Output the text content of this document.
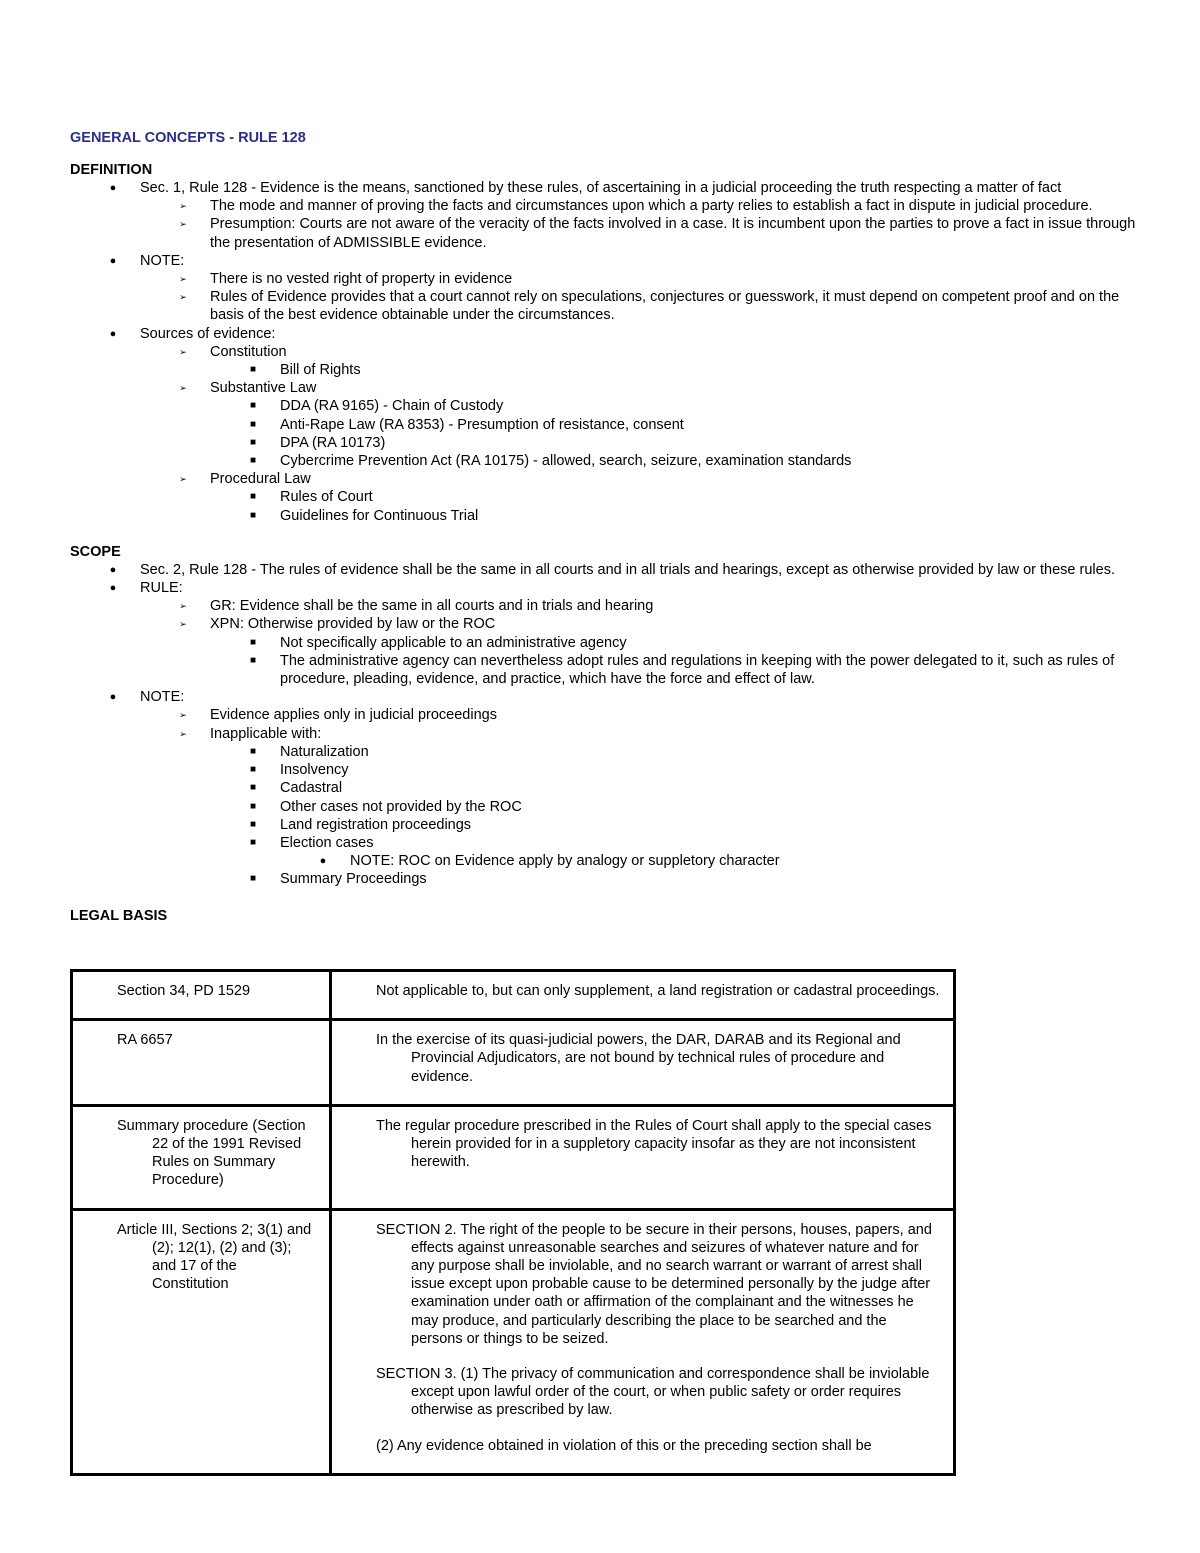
GENERAL CONCEPTS - RULE 128

DEFINITION

● Sec. 1, Rule 128 - Evidence is the means, sanctioned by these rules, of ascertaining in a judicial proceeding the truth respecting a matter of fact
➢ The mode and manner of proving the facts and circumstances upon which a party relies to establish a fact in dispute in judicial procedure.
➢ Presumption: Courts are not aware of the veracity of the facts involved in a case. It is incumbent upon the parties to prove a fact in issue through the presentation of ADMISSIBLE evidence.
● NOTE:
➢ There is no vested right of property in evidence
➢ Rules of Evidence provides that a court cannot rely on speculations, conjectures or guesswork, it must depend on competent proof and on the basis of the best evidence obtainable under the circumstances.
● Sources of evidence:
➢ Constitution
■ Bill of Rights
➢ Substantive Law
■ DDA (RA 9165) - Chain of Custody
■ Anti-Rape Law (RA 8353) - Presumption of resistance, consent
■ DPA (RA 10173)
■ Cybercrime Prevention Act (RA 10175) - allowed, search, seizure, examination standards
➢ Procedural Law
■ Rules of Court
■ Guidelines for Continuous Trial

SCOPE

● Sec. 2, Rule 128 - The rules of evidence shall be the same in all courts and in all trials and hearings, except as otherwise provided by law or these rules.
● RULE:
➢ GR: Evidence shall be the same in all courts and in trials and hearing
➢ XPN: Otherwise provided by law or the ROC
■ Not specifically applicable to an administrative agency
■ The administrative agency can nevertheless adopt rules and regulations in keeping with the power delegated to it, such as rules of procedure, pleading, evidence, and practice, which have the force and effect of law.
● NOTE:
➢ Evidence applies only in judicial proceedings
➢ Inapplicable with:
■ Naturalization
■ Insolvency
■ Cadastral
■ Other cases not provided by the ROC
■ Land registration proceedings
■ Election cases
● NOTE: ROC on Evidence apply by analogy or suppletory character
■ Summary Proceedings

LEGAL BASIS

Section 34, PD 1529	Not applicable to, but can only supplement, a land registration or cadastral proceedings.

RA 6657	In the exercise of its quasi-judicial powers, the DAR, DARAB and its Regional and Provincial Adjudicators, are not bound by technical rules of procedure and evidence.

Summary procedure (Section 22 of the 1991 Revised Rules on Summary Procedure)	The regular procedure prescribed in the Rules of Court shall apply to the special cases herein provided for in a suppletory capacity insofar as they are not inconsistent herewith.

Article III, Sections 2; 3(1) and (2); 12(1), (2) and (3); and 17 of the Constitution	SECTION 2. The right of the people to be secure in their persons, houses, papers, and effects against unreasonable searches and seizures of whatever nature and for any purpose shall be inviolable, and no search warrant or warrant of arrest shall issue except upon probable cause to be determined personally by the judge after examination under oath or affirmation of the complainant and the witnesses he may produce, and particularly describing the place to be searched and the persons or things to be seized.

SECTION 3. (1) The privacy of communication and correspondence shall be inviolable except upon lawful order of the court, or when public safety or order requires otherwise as prescribed by law.

(2) Any evidence obtained in violation of this or the preceding section shall be
